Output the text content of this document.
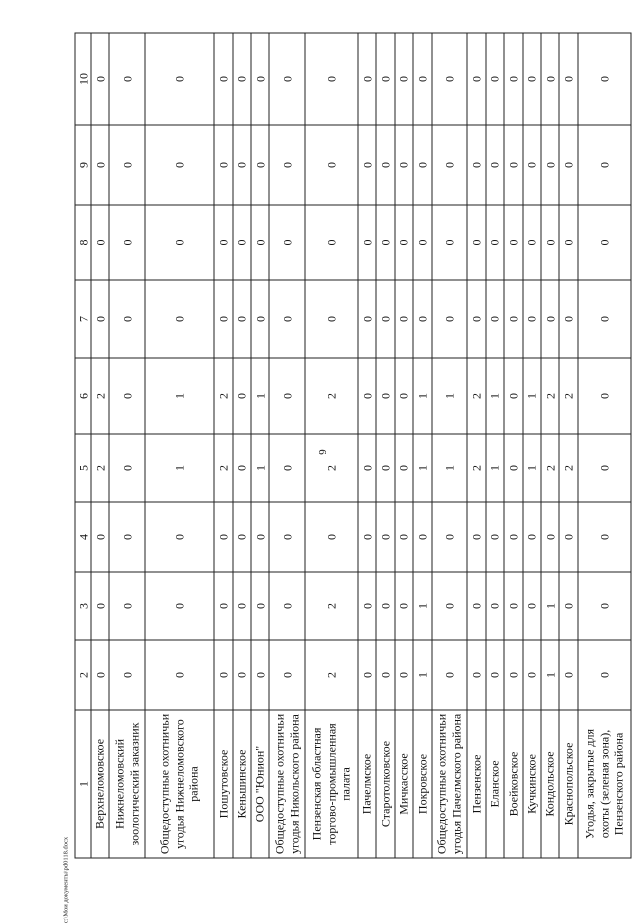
6
1	2	3	4	5	6	7	8	9	10
Верхнеломовское	0	0	0	2	2	0	0	0	0
Нижнеломовский зоологический заказник	0	0	0	0	0	0	0	0	0
Общедоступные охотничьи угодья Нижнеломовского района	0	0	0	1	1	0	0	0	0
Пошутовское	0	0	0	2	2	0	0	0	0
Кеньшинское	0	0	0	0	0	0	0	0	0
ООО "Юнион"	0	0	0	1	1	0	0	0	0
Общедоступные охотничьи угодья Никольского района	0	0	0	0	0	0	0	0	0
Пензенская областная торгово-промышленная палата	2	2	0	2	2	0	0	0	0
Пачелмское	0	0	0	0	0	0	0	0	0
Старотолковское	0	0	0	0	0	0	0	0	0
Мичкасское	0	0	0	0	0	0	0	0	0
Покровское	1	1	0	1	1	0	0	0	0
Общедоступные охотничьи угодья Пачелмского района	0	0	0	1	1	0	0	0	0
Пензенское	0	0	0	2	2	0	0	0	0
Еланское	0	0	0	1	1	0	0	0	0
Воейковское	0	0	0	0	0	0	0	0	0
Кучкинское	0	0	0	1	1	0	0	0	0
Кондольское	1	1	0	2	2	0	0	0	0
Краснопольское	0	0	0	2	2	0	0	0	0
Угодья, закрытые для охоты (зеленая зона), Пензенского района	0	0	0	0	0	0	0	0	0
c:\Мои документы\pd0118.docx
